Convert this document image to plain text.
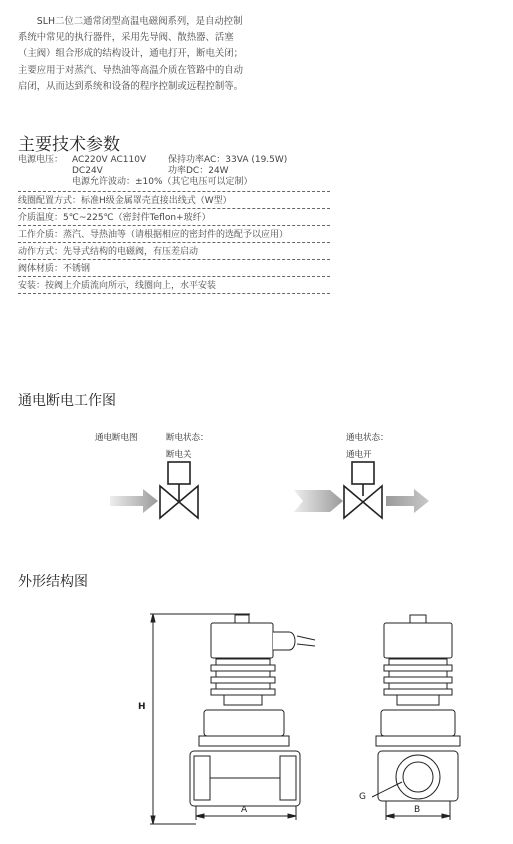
SLH二位二通常闭型高温电磁阀系列，是自动控制

系统中常见的执行器件，采用先导阀、散热器、活塞

（主阀）组合形成的结构设计，通电打开，断电关闭；

主要应用于对蒸汽、导热油等高温介质在管路中的自动

启闭，从而达到系统和设备的程序控制或远程控制等。

主要技术参数
电源电压： AC220V AC110V	保持功率AC：33VA (19.5W)
DC24V	功率DC：24W
电源允许波动：±10%（其它电压可以定制）
线圈配置方式：标准H级金属罩壳直接出线式（W型）
介质温度：5℃~225℃（密封件Teflon+玻纤）
工作介质：蒸汽、导热油等（请根据相应的密封件的选配予以应用）
动作方式：先导式结构的电磁阀，有压差启动
阀体材质：不锈钢
安装：按阀上介质流向所示，线圈向上，水平安装
通电断电工作图
通电断电图	断电状态：
断电关
通电状态：
通电开
外形结构图
H
A	B
G
